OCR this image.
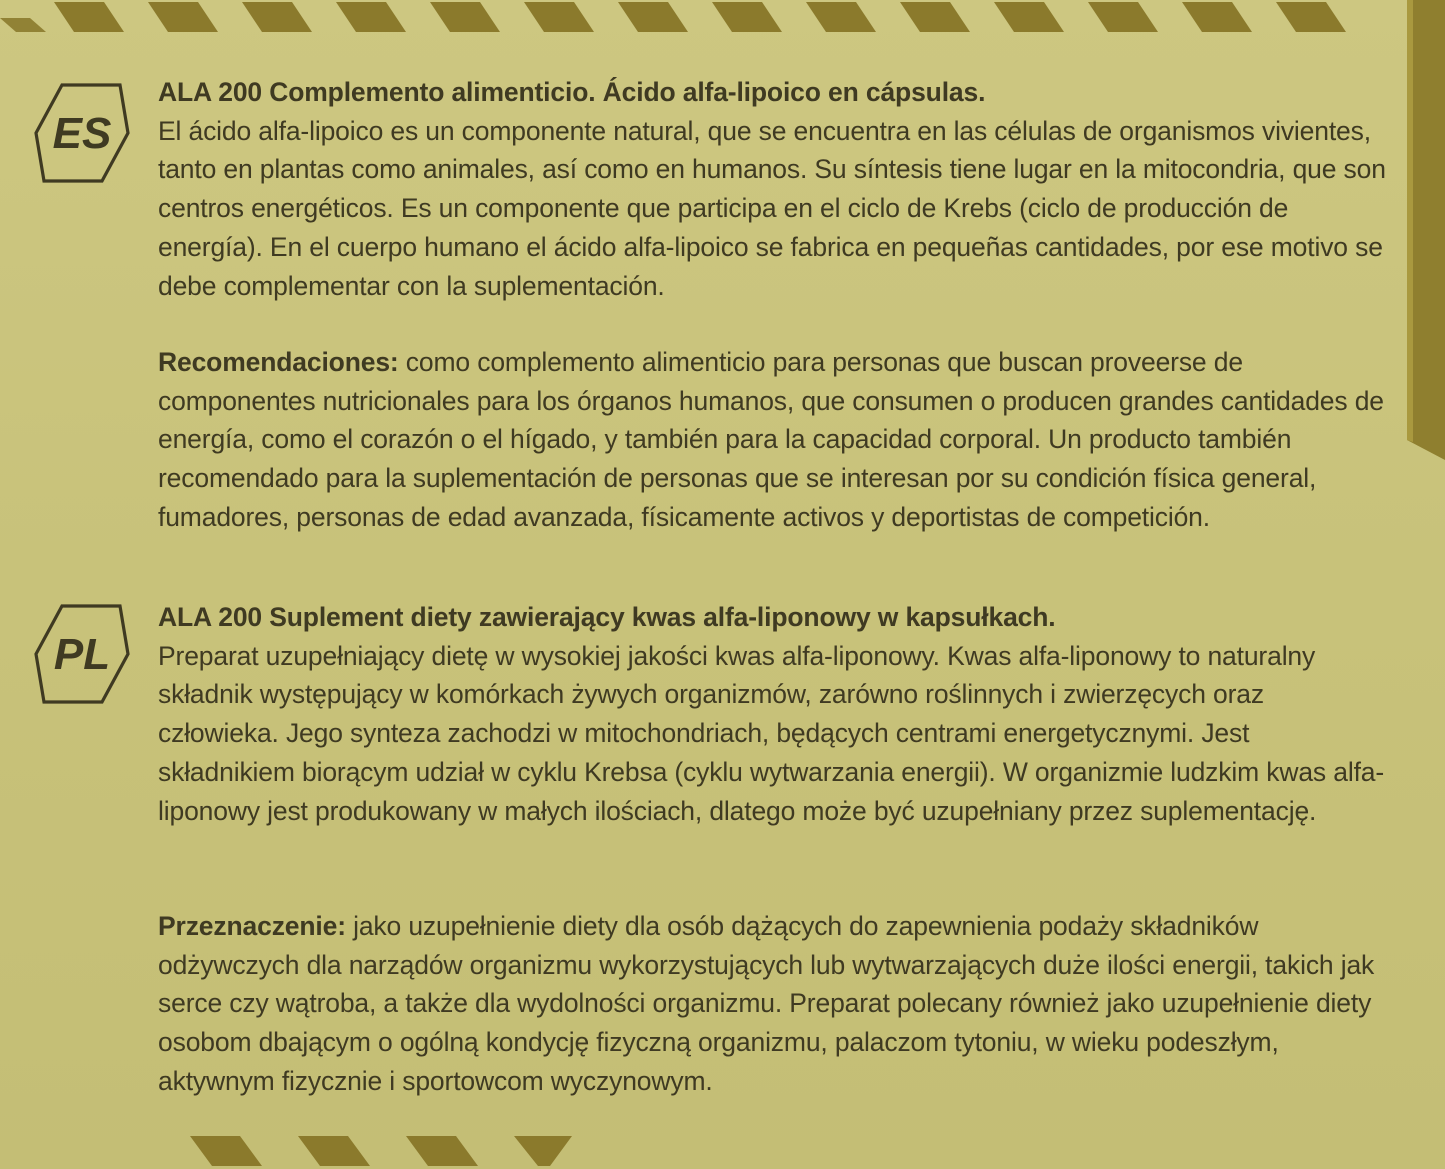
ES
PL
ALA 200 Complemento alimenticio. Ácido alfa-lipoico en cápsulas.
El ácido alfa-lipoico es un componente natural, que se encuentra en las células de organismos vivientes, tanto en plantas como animales, así como en humanos. Su síntesis tiene lugar en la mitocondria, que son centros energéticos. Es un componente que participa en el ciclo de Krebs (ciclo de producción de energía). En el cuerpo humano el ácido alfa-lipoico se fabrica en pequeñas cantidades, por ese motivo se debe complementar con la suplementación.
Recomendaciones: como complemento alimenticio para personas que buscan proveerse de componentes nutricionales para los órganos humanos, que consumen o producen grandes cantidades de energía, como el corazón o el hígado, y también para la capacidad corporal. Un producto también recomendado para la suplementación de personas que se interesan por su condición física general, fumadores, personas de edad avanzada, físicamente activos y deportistas de competición.
ALA 200 Suplement diety zawierający kwas alfa-liponowy w kapsułkach.
Preparat uzupełniający dietę w wysokiej jakości kwas alfa-liponowy. Kwas alfa-liponowy to naturalny składnik występujący w komórkach żywych organizmów, zarówno roślinnych i zwierzęcych oraz człowieka. Jego synteza zachodzi w mitochondriach, będących centrami energetycznymi. Jest składnikiem biorącym udział w cyklu Krebsa (cyklu wytwarzania energii). W organizmie ludzkim kwas alfa-liponowy jest produkowany w małych ilościach, dlatego może być uzupełniany przez suplementację.
Przeznaczenie: jako uzupełnienie diety dla osób dążących do zapewnienia podaży składników odżywczych dla narządów organizmu wykorzystujących lub wytwarzających duże ilości energii, takich jak serce czy wątroba, a także dla wydolności organizmu. Preparat polecany również jako uzupełnienie diety osobom dbającym o ogólną kondycję fizyczną organizmu, palaczom tytoniu, w wieku podeszłym, aktywnym fizycznie i sportowcom wyczynowym.
